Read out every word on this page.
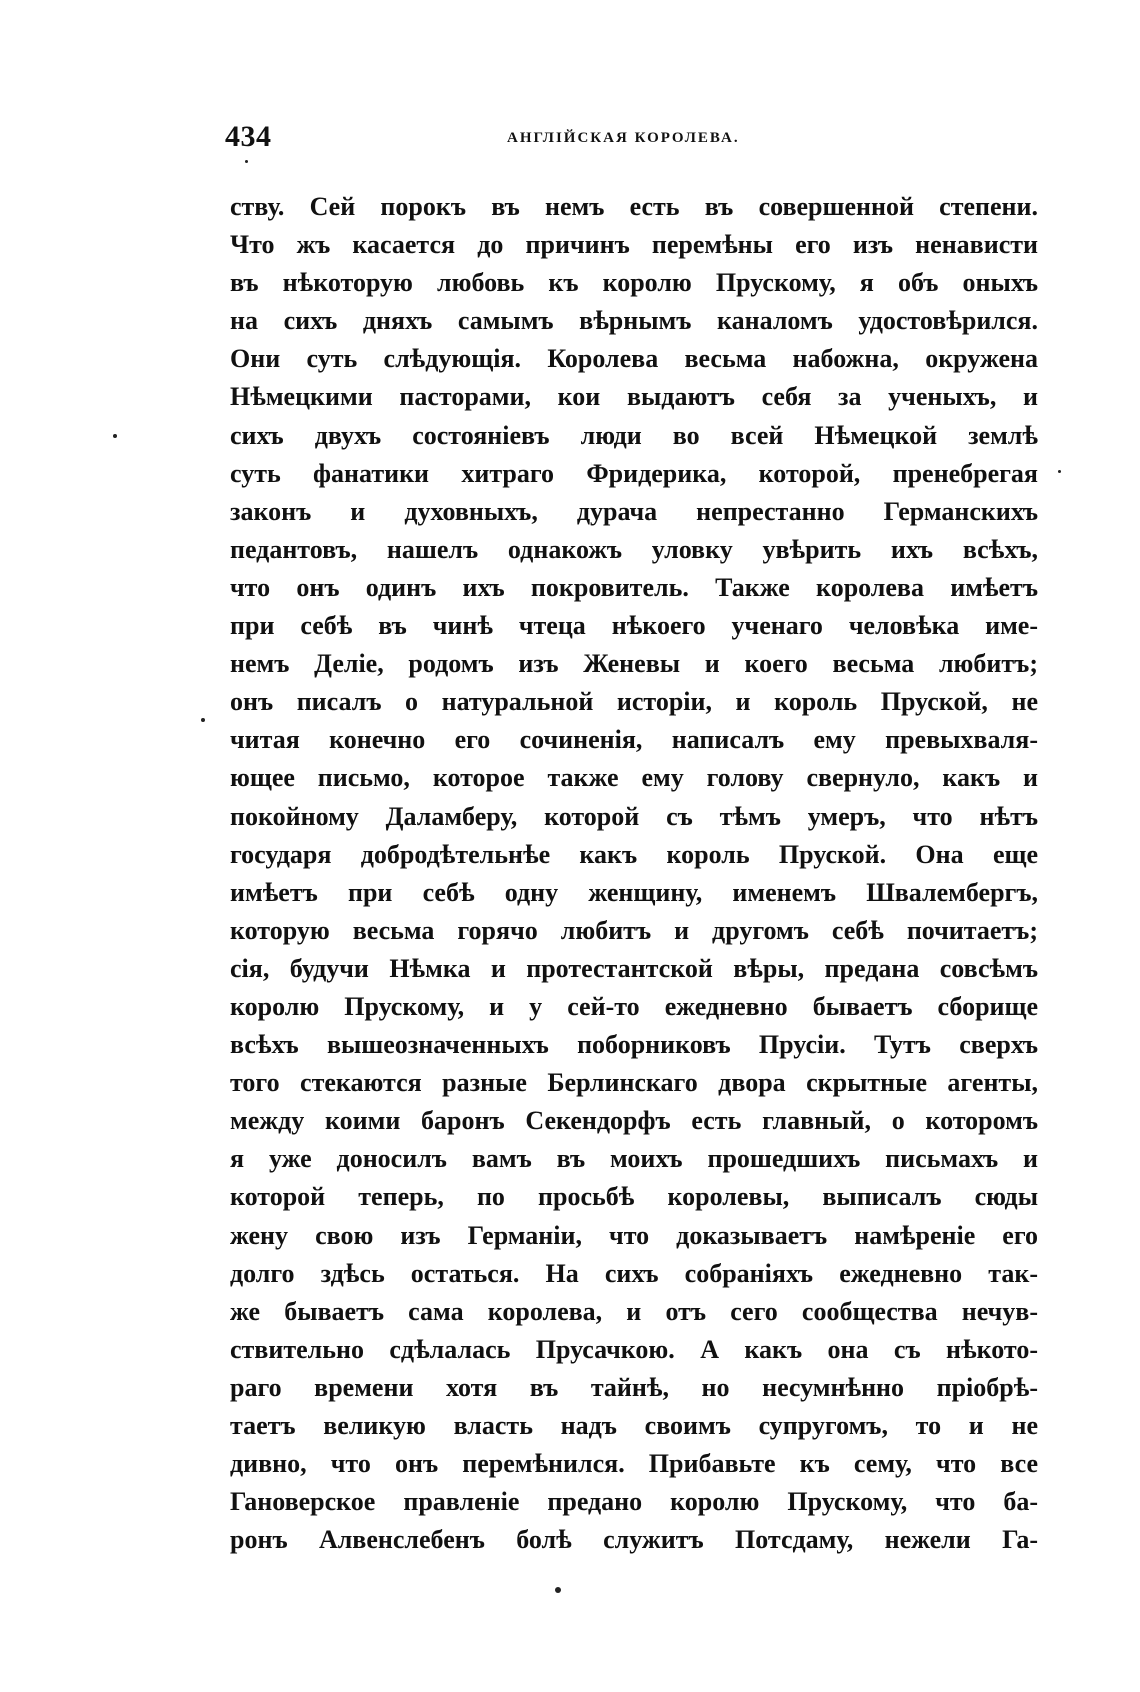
434	АНГЛІЙСКАЯ КОРОЛЕВА.
ству. Сей порокъ въ немъ есть въ совершенной степени.
Что жъ касается до причинъ перемѣны его изъ ненависти
въ нѣкоторую любовь къ королю Прускому, я объ оныхъ
на сихъ дняхъ самымъ вѣрнымъ каналомъ удостовѣрился.
Они суть слѣдующія. Королева весьма набожна, окружена
Нѣмецкими пасторами, кои выдаютъ себя за ученыхъ, и
сихъ двухъ состояніевъ люди во всей Нѣмецкой землѣ
суть фанатики хитраго Фридерика, которой, пренебрегая
законъ и духовныхъ, дурача непрестанно Германскихъ
педантовъ, нашелъ однакожъ уловку увѣрить ихъ всѣхъ,
что онъ одинъ ихъ покровитель. Также королева имѣетъ
при себѣ въ чинѣ чтеца нѣкоего ученаго человѣка име-
немъ Деліе, родомъ изъ Женевы и коего весьма любитъ;
онъ писалъ о натуральной исторіи, и король Пруской, не
читая конечно его сочиненія, написалъ ему превыхваля-
ющее письмо, которое также ему голову свернуло, какъ и
покойному Даламберу, которой съ тѣмъ умеръ, что нѣтъ
государя добродѣтельнѣе какъ король Пруской. Она еще
имѣетъ при себѣ одну женщину, именемъ Швалембергъ,
которую весьма горячо любитъ и другомъ себѣ почитаетъ;
сія, будучи Нѣмка и протестантской вѣры, предана совсѣмъ
королю Прускому, и у сей-то ежедневно бываетъ сборище
всѣхъ вышеозначенныхъ поборниковъ Прусіи. Тутъ сверхъ
того стекаются разные Берлинскаго двора скрытные агенты,
между коими баронъ Секендорфъ есть главный, о которомъ
я уже доносилъ вамъ въ моихъ прошедшихъ письмахъ и
которой теперь, по просьбѣ королевы, выписалъ сюды
жену свою изъ Германіи, что доказываетъ намѣреніе его
долго здѣсь остаться. На сихъ собраніяхъ ежедневно так-
же бываетъ сама королева, и отъ сего сообщества нечув-
ствительно сдѣлалась Прусачкою. А какъ она съ нѣкото-
раго времени хотя въ тайнѣ, но несумнѣнно пріобрѣ-
таетъ великую власть надъ своимъ супругомъ, то и не
дивно, что онъ перемѣнился. Прибавьте къ сему, что все
Гановерское правленіе предано королю Прускому, что ба-
ронъ Алвенслебенъ болѣ служитъ Потсдаму, нежели Га-
